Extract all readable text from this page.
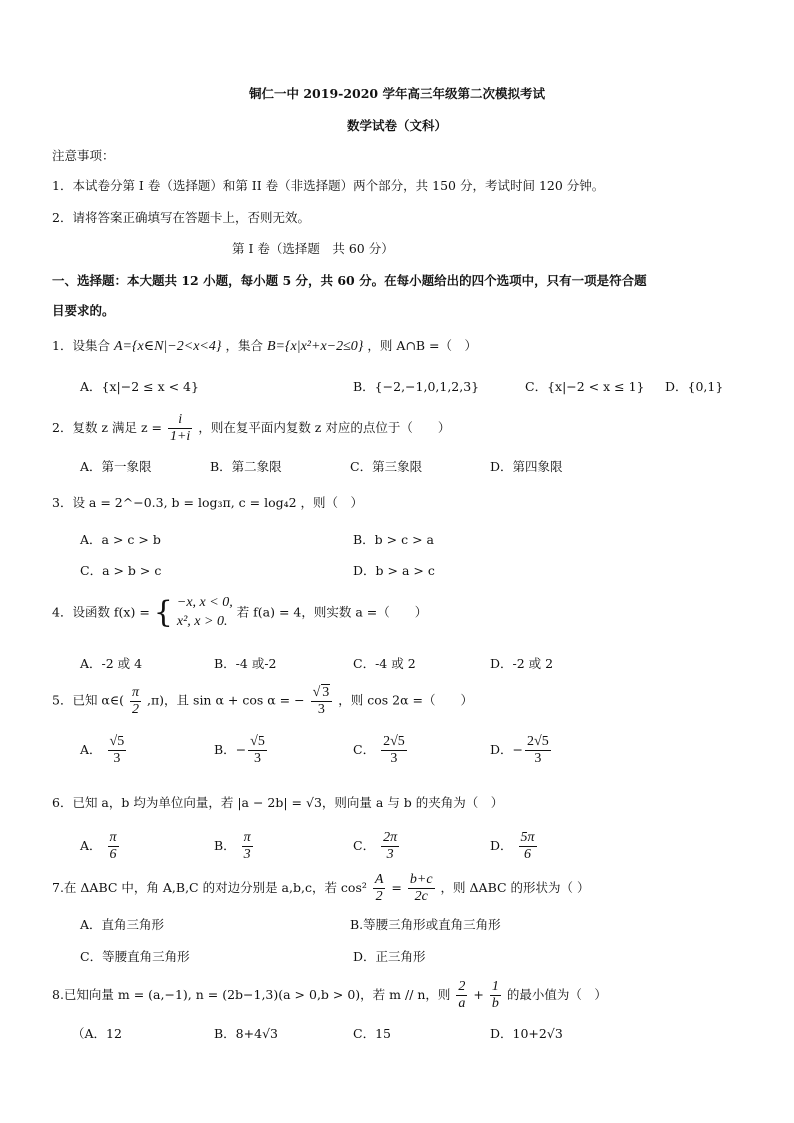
铜仁一中 2019-2020 学年高三年级第二次模拟考试
数学试卷（文科）
注意事项：
1．本试卷分第 I 卷（选择题）和第 II 卷（非选择题）两个部分，共 150 分，考试时间 120 分钟。
2．请将答案正确填写在答题卡上，否则无效。
第 I 卷（选择题　共 60 分）
一、选择题：本大题共 12 小题，每小题 5 分，共 60 分。在每小题给出的四个选项中，只有一项是符合题
目要求的。
1．设集合 A={x∈N|−2<x<4} ，集合 B={x|x²+x−2≤0} ，则 A∩B =（　）
A．{x|−2 ≤ x < 4}	B．{−2,−1,0,1,2,3}	C．{x|−2 < x ≤ 1} D．{0,1}
2．复数 z 满足 $z = \frac{i}{1+i}$ ，则在复平面内复数 z 对应的点位于（　　）
A．第一象限	B．第二象限	C．第三象限	D．第四象限
3．设 a = 2^−0.3, b = log₃π, c = log₄2 ，则（　）
A．a > c > b	B．b > c > a
C．a > b > c	D．b > a > c
4．设函数 f(x) = { −x, x < 0,
x², x > 0.
若 f(a) = 4，则实数 a =（　　）
A．-2 或 4	B．-4 或-2	C．-4 或 2	D．-2 或 2
5．已知 α∈( $\frac{\pi}{2} ,\pi$)，且 sin α + cos α = − $\frac{√ 3}{3}$ ，则 cos 2α =（　　）
A． $\frac{√5}{3}$	B．− $\frac{√5}{3}$	C． $\frac{2√5}{3}$	D．− $\frac{2√5}{3}$
6．已知 a，b 均为单位向量，若 |a − 2b| = √3，则向量 a 与 b 的夹角为（　）
A． $\frac{\pi}{6}$	B． $\frac{\pi}{3}$	C． $\frac{2\pi}{3}$	D． $\frac{5\pi}{6}$
7.在 ΔABC 中，角 A,B,C 的对边分别是 a,b,c，若 $\cos^2 \frac{A}{2} = \frac{b+c}{2c}$ ，则 ΔABC 的形状为（ ）
A．直角三角形	B.等腰三角形或直角三角形
C．等腰直角三角形	D．正三角形
8.已知向量 m = (a,−1), n = (2b−1,3)(a > 0,b > 0)，若 m // n，则 $\frac{2}{a} + \frac{1}{b}$ 的最小值为（　）
（A．12	B．8+4√3	C．15	D．10+2√3
